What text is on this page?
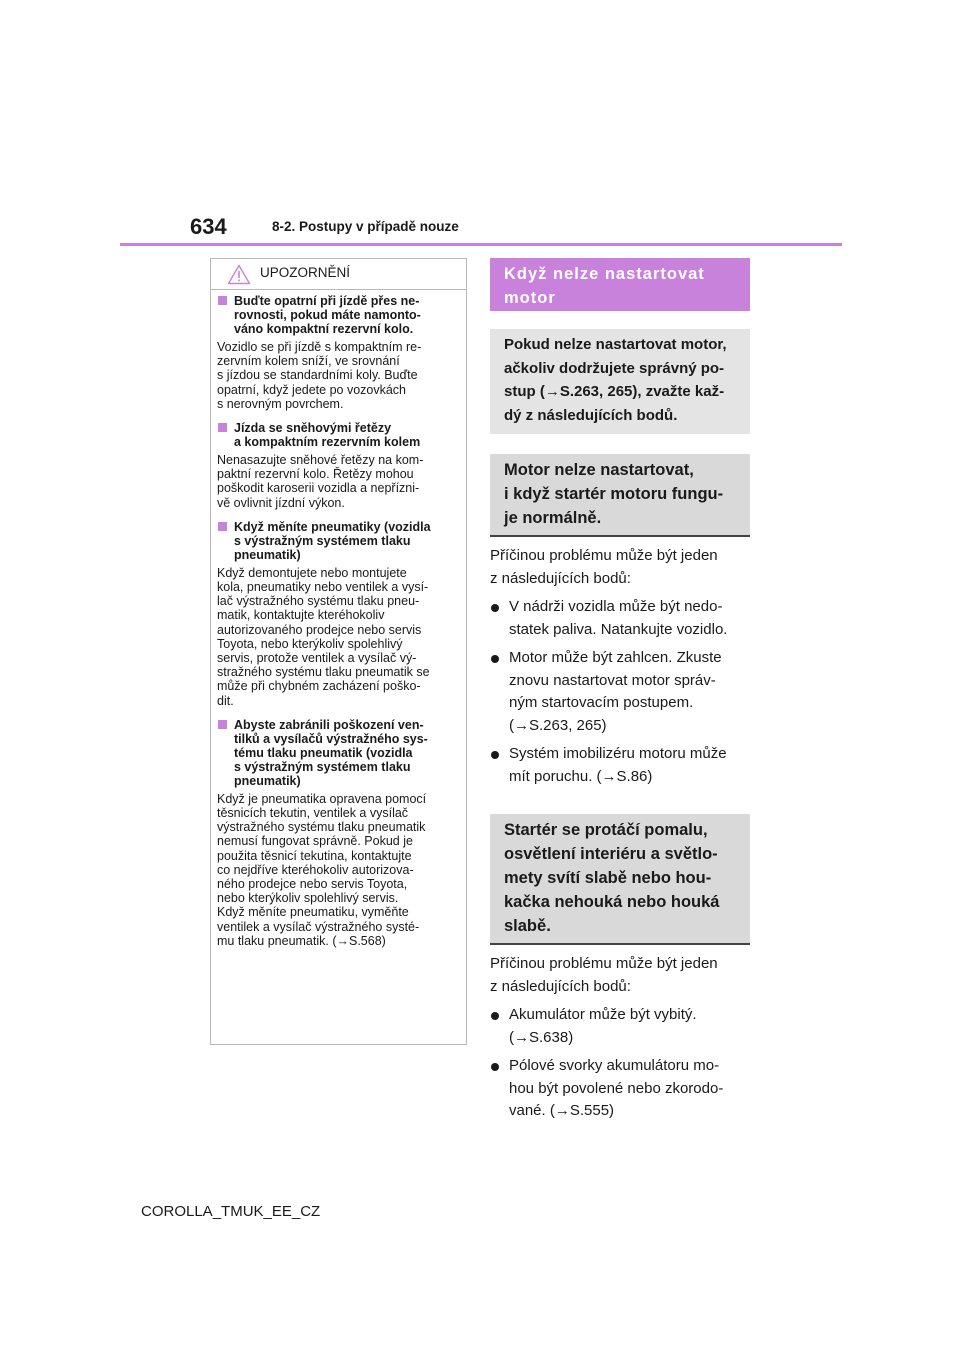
634	8-2. Postupy v případě nouze
UPOZORNĚNÍ
Buďte opatrní při jízdě přes ne-
rovnosti, pokud máte namonto-
váno kompaktní rezervní kolo.
Vozidlo se při jízdě s kompaktním re-
zervním kolem sníží, ve srovnání
s jízdou se standardními koly. Buďte
opatrní, když jedete po vozovkách
s nerovným povrchem.
Jízda se sněhovými řetězy
a kompaktním rezervním kolem
Nenasazujte sněhové řetězy na kom-
paktní rezervní kolo. Řetězy mohou
poškodit karoserii vozidla a nepřízni-
vě ovlivnit jízdní výkon.
Když měníte pneumatiky (vozidla
s výstražným systémem tlaku
pneumatik)
Když demontujete nebo montujete
kola, pneumatiky nebo ventilek a vysí-
lač výstražného systému tlaku pneu-
matik, kontaktujte kteréhokoliv
autorizovaného prodejce nebo servis
Toyota, nebo kterýkoliv spolehlivý
servis, protože ventilek a vysílač vý-
stražného systému tlaku pneumatik se
může při chybném zacházení poško-
dit.
Abyste zabránili poškození ven-
tilků a vysílačů výstražného sys-
tému tlaku pneumatik (vozidla
s výstražným systémem tlaku
pneumatik)
Když je pneumatika opravena pomocí
těsnicích tekutin, ventilek a vysílač
výstražného systému tlaku pneumatik
nemusí fungovat správně. Pokud je
použita těsnicí tekutina, kontaktujte
co nejdříve kteréhokoliv autorizova-
ného prodejce nebo servis Toyota,
nebo kterýkoliv spolehlivý servis.
Když měníte pneumatiku, vyměňte
ventilek a vysílač výstražného systé-
mu tlaku pneumatik. (→S.568)
Když nelze nastartovat
motor
Pokud nelze nastartovat motor,
ačkoliv dodržujete správný po-
stup (→S.263, 265), zvažte kaž-
dý z následujících bodů.
Motor nelze nastartovat,
i když startér motoru fungu-
je normálně.
Příčinou problému může být jeden
z následujících bodů:
V nádrži vozidla může být nedo-
statek paliva. Natankujte vozidlo.
Motor může být zahlcen. Zkuste
znovu nastartovat motor správ-
ným startovacím postupem.
(→S.263, 265)
Systém imobilizéru motoru může
mít poruchu. (→S.86)
Startér se protáčí pomalu,
osvětlení interiéru a světlo-
mety svítí slabě nebo hou-
kačka nehouká nebo houká
slabě.
Příčinou problému může být jeden
z následujících bodů:
Akumulátor může být vybitý.
(→S.638)
Pólové svorky akumulátoru mo-
hou být povolené nebo zkorodo-
vané. (→S.555)
COROLLA_TMUK_EE_CZ
